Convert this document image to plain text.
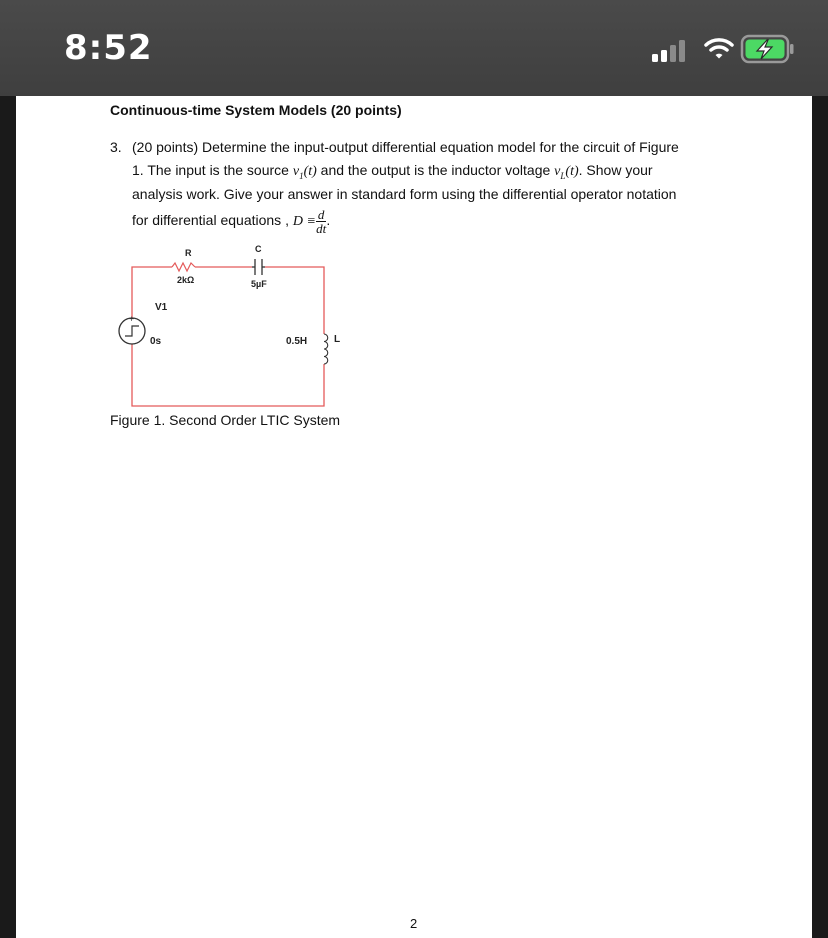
8:52
Continuous-time System Models (20 points)
3. (20 points) Determine the input-output differential equation model for the circuit of Figure
1. The input is the source $v_1(t)$ and the output is the inductor voltage $v_L(t)$. Show your
analysis work. Give your answer in standard form using the differential operator notation
for differential equations , $D \equiv \frac{d}{dt}$ .
+
R
2kΩ
C
5µF
V1
0s	0.5H	L
Figure 1. Second Order LTIC System
2
